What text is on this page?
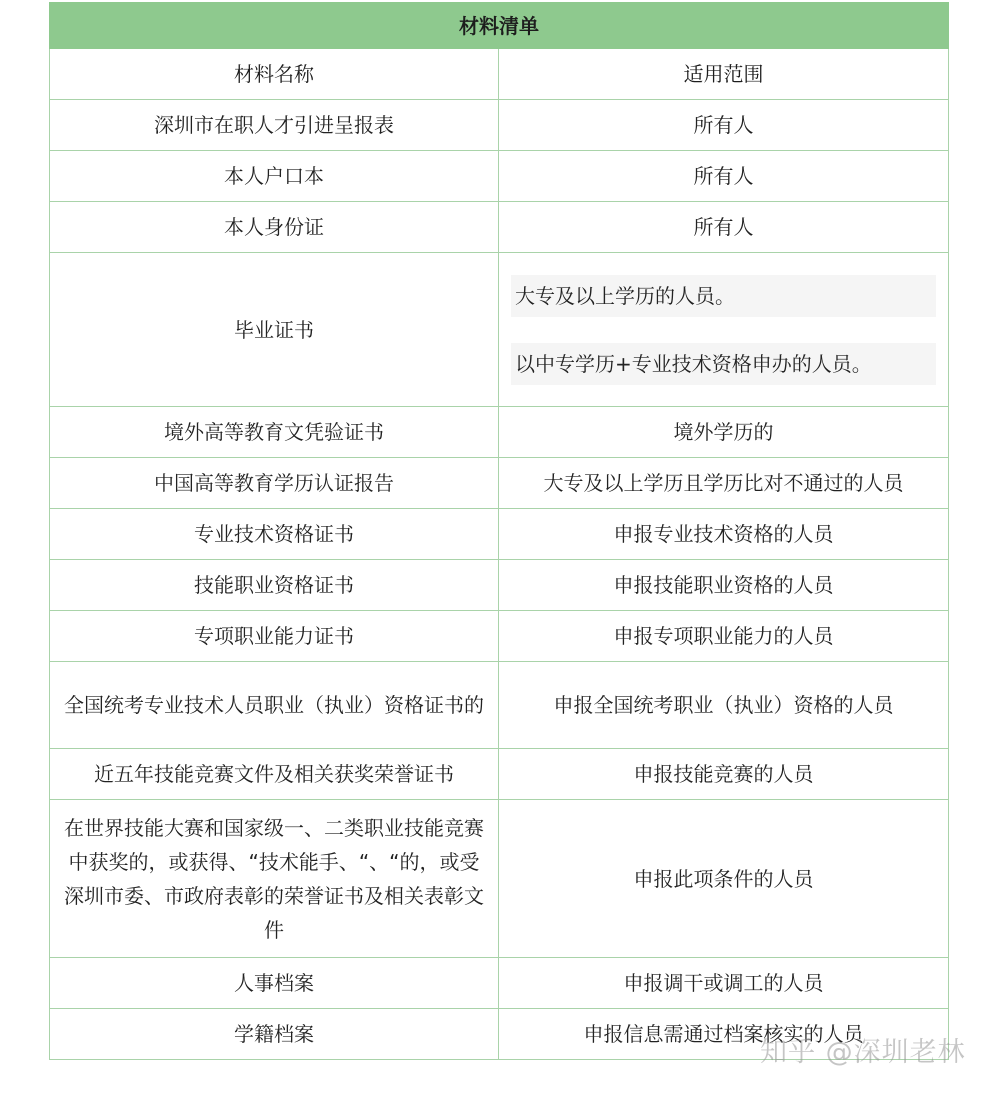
材料清单	
材料名称	适用范围
深圳市在职人才引进呈报表	所有人
本人户口本	所有人
本人身份证	所有人
毕业证书	大专及以上学历的人员。
以中专学历+专业技术资格申办的人员。

境外高等教育文凭验证书	境外学历的
中国高等教育学历认证报告	大专及以上学历且学历比对不通过的人员
专业技术资格证书	申报专业技术资格的人员
技能职业资格证书	申报技能职业资格的人员
专项职业能力证书	申报专项职业能力的人员
全国统考专业技术人员职业（执业）资格证书的	申报全国统考职业（执业）资格的人员
近五年技能竞赛文件及相关获奖荣誉证书	申报技能竞赛的人员
在世界技能大赛和国家级一、二类职业技能竞赛中获奖的，或获得、“技术能手、“、“的，或受深圳市委、市政府表彰的荣誉证书及相关表彰文件	申报此项条件的人员
人事档案	申报调干或调工的人员
学籍档案	申报信息需通过档案核实的人员
知乎 @深圳老林
